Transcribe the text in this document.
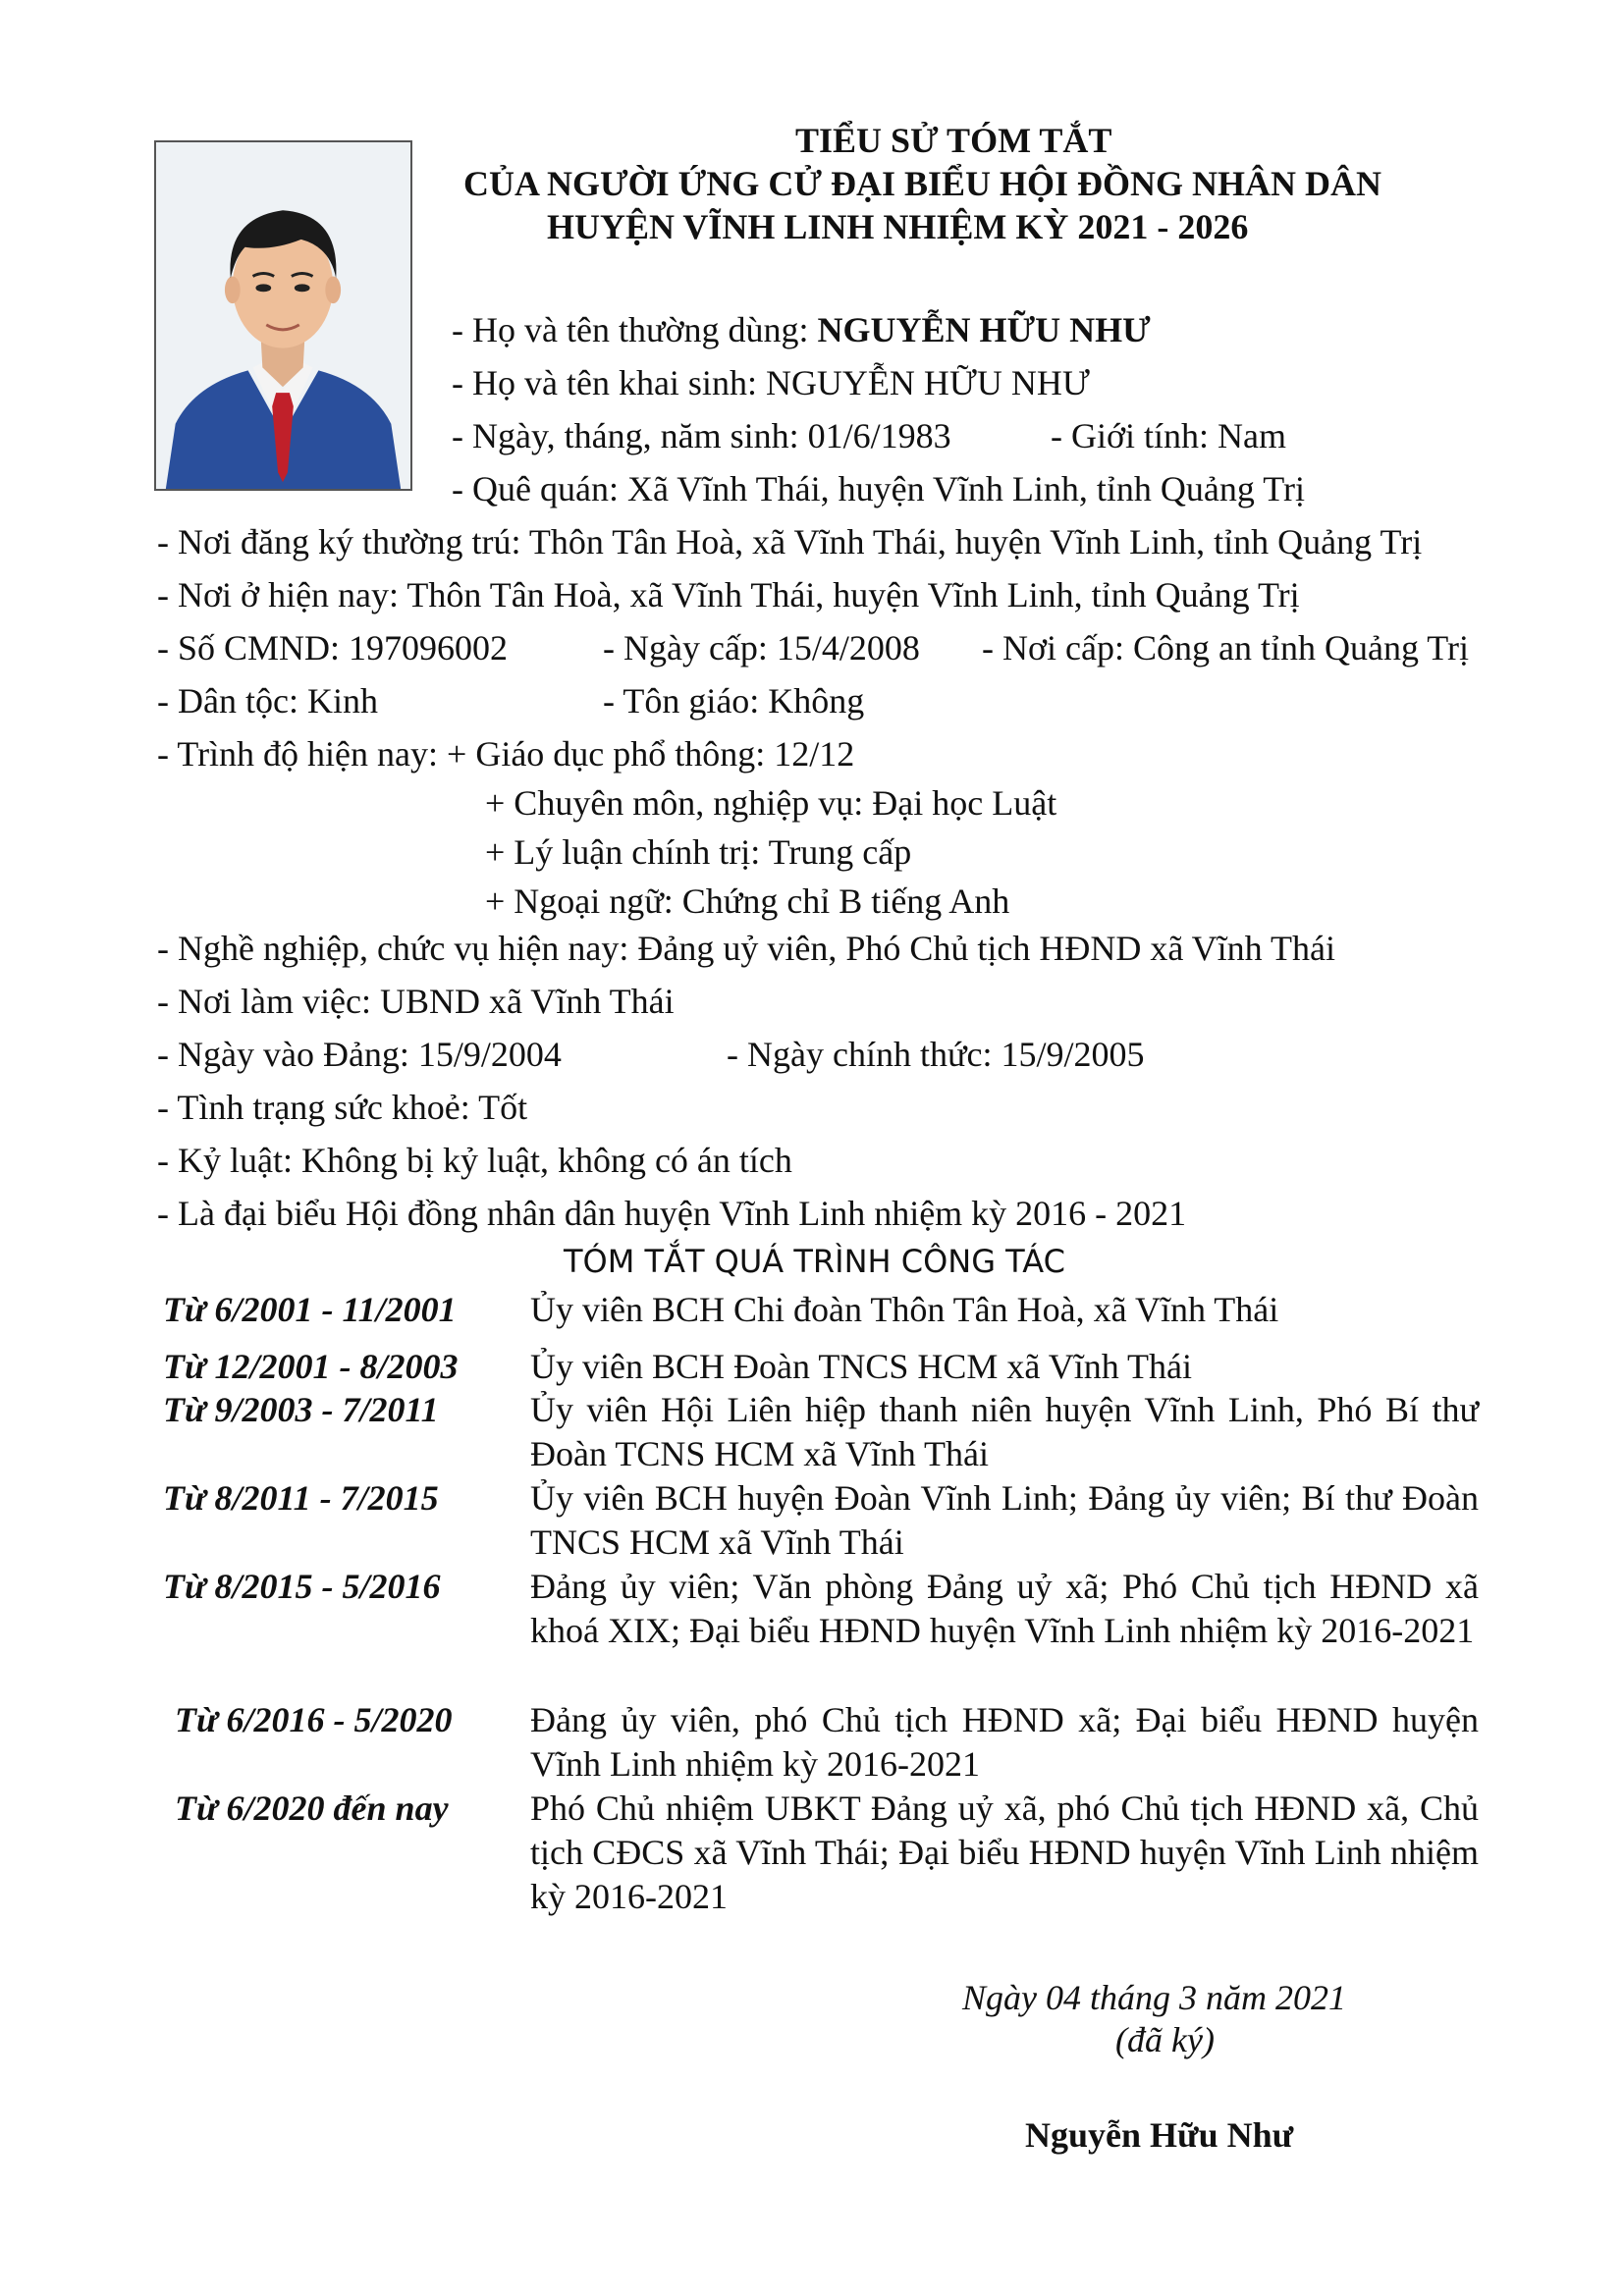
TIỂU SỬ TÓM TẮT
CỦA NGƯỜI ỨNG CỬ ĐẠI BIỂU HỘI ĐỒNG NHÂN DÂN
HUYỆN VĨNH LINH NHIỆM KỲ 2021 - 2026
- Họ và tên thường dùng: NGUYỄN HỮU NHƯ
- Họ và tên khai sinh: NGUYỄN HỮU NHƯ
- Ngày, tháng, năm sinh: 01/6/1983	- Giới tính: Nam
- Quê quán: Xã Vĩnh Thái, huyện Vĩnh Linh, tỉnh Quảng Trị
- Nơi đăng ký thường trú: Thôn Tân Hoà, xã Vĩnh Thái, huyện Vĩnh Linh, tỉnh Quảng Trị
- Nơi ở hiện nay: Thôn Tân Hoà, xã Vĩnh Thái, huyện Vĩnh Linh, tỉnh Quảng Trị
- Số CMND: 197096002	- Ngày cấp: 15/4/2008 - Nơi cấp: Công an tỉnh Quảng Trị
- Dân tộc: Kinh	- Tôn giáo: Không
- Trình độ hiện nay: + Giáo dục phổ thông: 12/12
+ Chuyên môn, nghiệp vụ: Đại học Luật
+ Lý luận chính trị: Trung cấp
+ Ngoại ngữ: Chứng chỉ B tiếng Anh
- Nghề nghiệp, chức vụ hiện nay: Đảng uỷ viên, Phó Chủ tịch HĐND xã Vĩnh Thái
- Nơi làm việc: UBND xã Vĩnh Thái
- Ngày vào Đảng: 15/9/2004	- Ngày chính thức: 15/9/2005
- Tình trạng sức khoẻ: Tốt
- Kỷ luật: Không bị kỷ luật, không có án tích
- Là đại biểu Hội đồng nhân dân huyện Vĩnh Linh nhiệm kỳ 2016 - 2021
TÓM TẮT QUÁ TRÌNH CÔNG TÁC
Từ 6/2001 - 11/2001	Ủy viên BCH Chi đoàn Thôn Tân Hoà, xã Vĩnh Thái
Từ 12/2001 - 8/2003	Ủy viên BCH Đoàn TNCS HCM xã Vĩnh Thái
Từ 9/2003 - 7/2011	Ủy viên Hội Liên hiệp thanh niên huyện Vĩnh Linh, Phó Bí thư Đoàn TCNS HCM xã Vĩnh Thái
Từ 8/2011 - 7/2015	Ủy viên BCH huyện Đoàn Vĩnh Linh; Đảng ủy viên; Bí thư Đoàn TNCS HCM xã Vĩnh Thái
Từ 8/2015 - 5/2016	Đảng ủy viên; Văn phòng Đảng uỷ xã; Phó Chủ tịch HĐND xã khoá XIX; Đại biểu HĐND huyện Vĩnh Linh nhiệm kỳ 2016-2021
Từ 6/2016 - 5/2020	Đảng ủy viên, phó Chủ tịch HĐND xã; Đại biểu HĐND huyện Vĩnh Linh nhiệm kỳ 2016-2021
Từ 6/2020 đến nay	Phó Chủ nhiệm UBKT Đảng uỷ xã, phó Chủ tịch HĐND xã, Chủ tịch CĐCS xã Vĩnh Thái; Đại biểu HĐND huyện Vĩnh Linh nhiệm kỳ 2016-2021
Ngày 04 tháng 3 năm 2021
(đã ký)
Nguyễn Hữu Như
